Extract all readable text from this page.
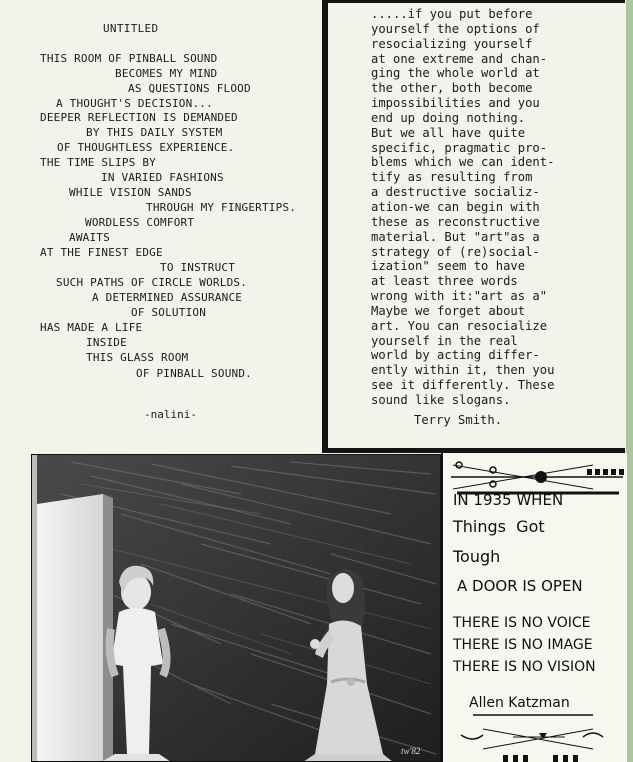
UNTITLED
THIS ROOM OF PINBALL SOUND
BECOMES MY MIND
AS QUESTIONS FLOOD
A THOUGHT'S DECISION...
DEEPER REFLECTION IS DEMANDED
BY THIS DAILY SYSTEM
OF THOUGHTLESS EXPERIENCE.
THE TIME SLIPS BY
IN VARIED FASHIONS
WHILE VISION SANDS
THROUGH MY FINGERTIPS.
WORDLESS COMFORT
AWAITS
AT THE FINEST EDGE
TO INSTRUCT
SUCH PATHS OF CIRCLE WORLDS.
A DETERMINED ASSURANCE
OF SOLUTION
HAS MADE A LIFE
INSIDE
THIS GLASS ROOM
OF PINBALL SOUND.
-nalini-
.....if you put before
yourself the options of
resocializing yourself
at one extreme and chan-
ging the whole world at
the other, both become
impossibilities and you
end up doing nothing.
But we all have quite
specific, pragmatic pro-
blems which we can ident-
tify as resulting from
a destructive socializ-
ation-we can begin with
these as reconstructive
material. But "art"as a
strategy of (re)social-
ization" seem to have
at least three words
wrong with it:"art as a"
Maybe we forget about
art. You can resocialize
yourself in the real
world by acting differ-
ently within it, then you
see it differently. These
sound like slogans.
Terry Smith.
tw'82
IN 1935 WHEN
Things  Got
Tough
A DOOR IS OPEN
THERE IS NO VOICE
THERE IS NO IMAGE
THERE IS NO VISION
Allen Katzman
